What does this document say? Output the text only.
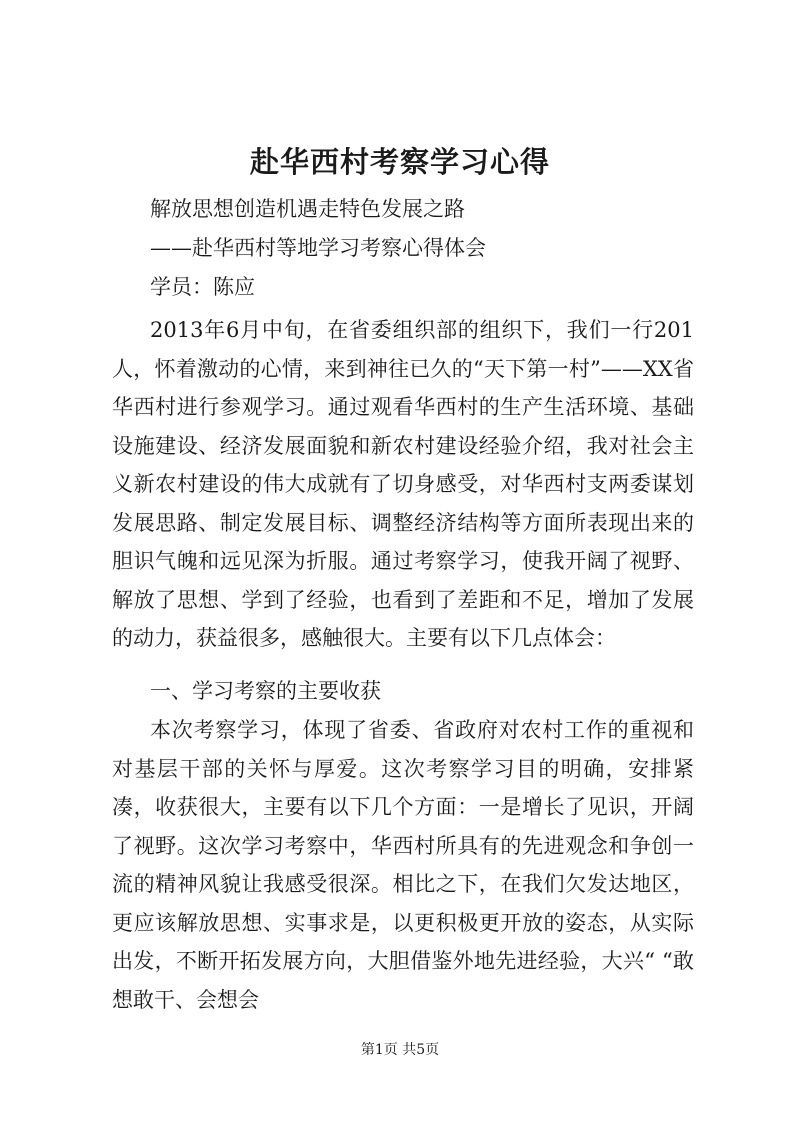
赴华西村考察学习心得

解放思想创造机遇走特色发展之路

——赴华西村等地学习考察心得体会

学员：陈应

2013年6月中旬，在省委组织部的组织下，我们一行201人，怀着激动的心情，来到神往已久的“天下第一村”——XX省华西村进行参观学习。通过观看华西村的生产生活环境、基础设施建设、经济发展面貌和新农村建设经验介绍，我对社会主义新农村建设的伟大成就有了切身感受，对华西村支两委谋划发展思路、制定发展目标、调整经济结构等方面所表现出来的胆识气魄和远见深为折服。通过考察学习，使我开阔了视野、解放了思想、学到了经验，也看到了差距和不足，增加了发展的动力，获益很多，感触很大。主要有以下几点体会：

一、学习考察的主要收获

本次考察学习，体现了省委、省政府对农村工作的重视和对基层干部的关怀与厚爱。这次考察学习目的明确，安排紧凑，收获很大，主要有以下几个方面：一是增长了见识，开阔了视野。这次学习考察中，华西村所具有的先进观念和争创一流的精神风貌让我感受很深。相比之下，在我们欠发达地区，更应该解放思想、实事求是，以更积极更开放的姿态，从实际出发，不断开拓发展方向，大胆借鉴外地先进经验，大兴“ “敢想敢干、会想会

第1页 共5页
